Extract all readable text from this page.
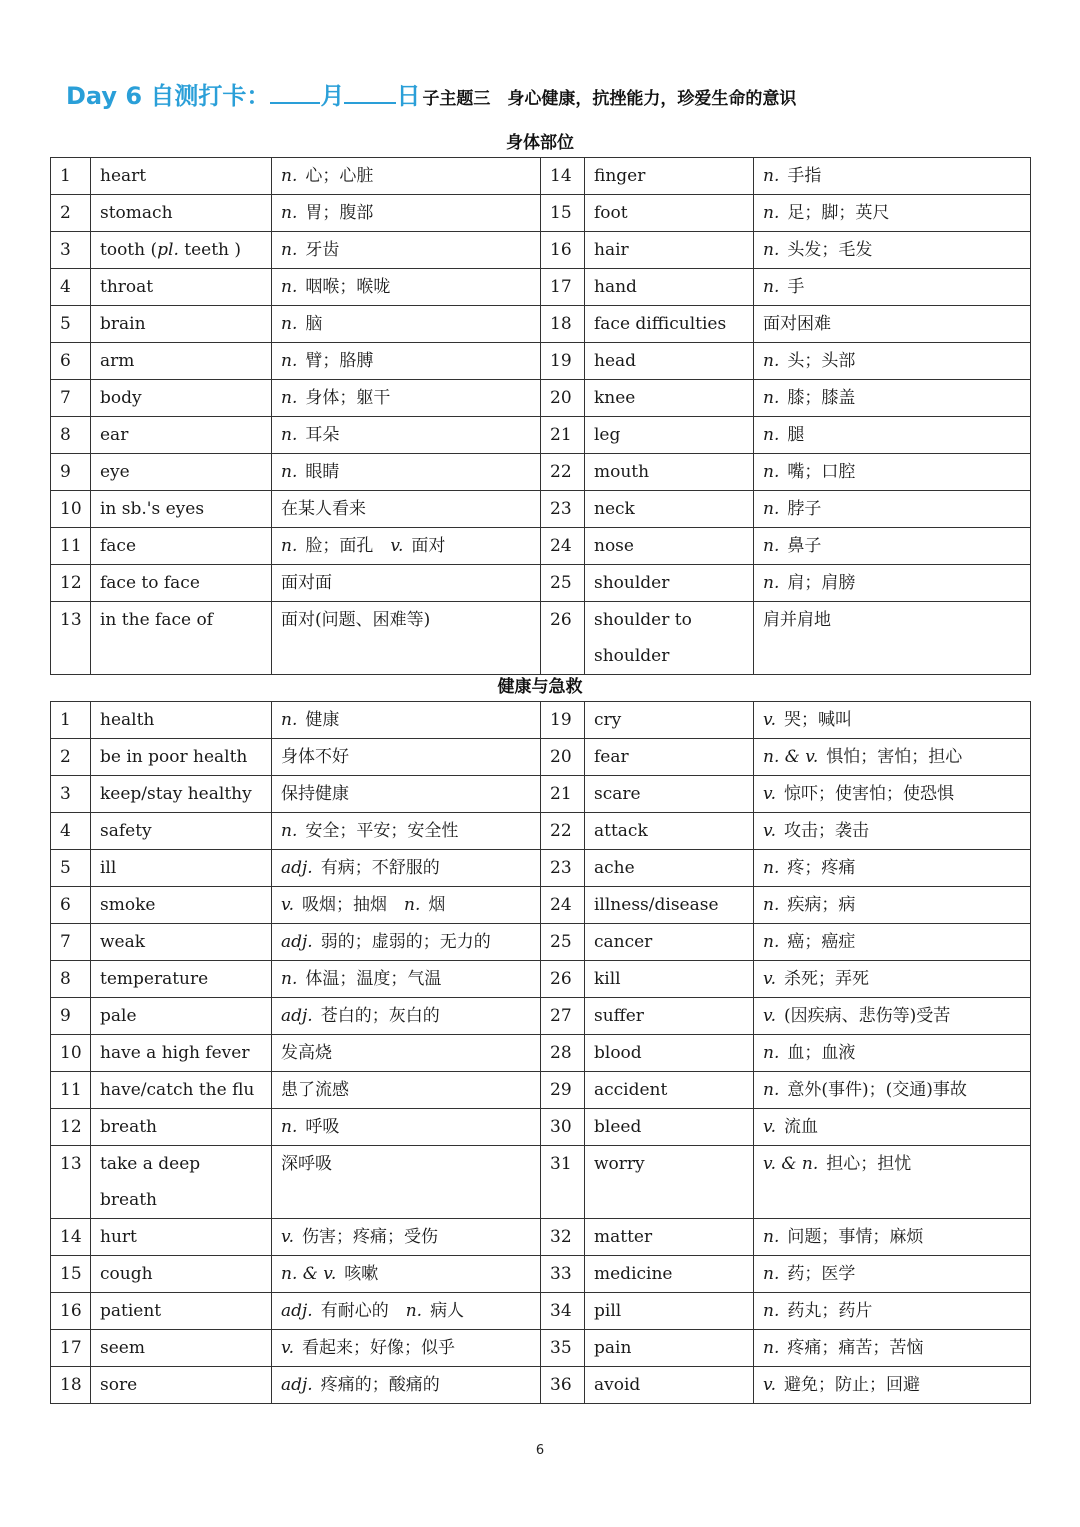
Day 6 自测打卡： 月 日 子主题三　身心健康，抗挫能力，珍爱生命的意识
身体部位
1	heart	n. 心；心脏	14	finger	n. 手指
2	stomach	n. 胃；腹部	15	foot	n. 足；脚；英尺
3	tooth (pl. teeth )	n. 牙齿	16	hair	n. 头发；毛发
4	throat	n. 咽喉；喉咙	17	hand	n. 手
5	brain	n. 脑	18	face difficulties	面对困难
6	arm	n. 臂；胳膊	19	head	n. 头；头部
7	body	n. 身体；躯干	20	knee	n. 膝；膝盖
8	ear	n. 耳朵	21	leg	n. 腿
9	eye	n. 眼睛	22	mouth	n. 嘴；口腔
10	in sb.'s eyes	在某人看来	23	neck	n. 脖子
11	face	n. 脸；面孔　v. 面对	24	nose	n. 鼻子
12	face to face	面对面	25	shoulder	n. 肩；肩膀
13	in the face of	面对(问题、困难等)	26	shoulder to shoulder	肩并肩地
健康与急救
1	health	n. 健康	19	cry	v. 哭；喊叫
2	be in poor health	身体不好	20	fear	n. & v. 惧怕；害怕；担心
3	keep/stay healthy	保持健康	21	scare	v. 惊吓；使害怕；使恐惧
4	safety	n. 安全；平安；安全性	22	attack	v. 攻击；袭击
5	ill	adj. 有病；不舒服的	23	ache	n. 疼；疼痛
6	smoke	v. 吸烟；抽烟　n. 烟	24	illness/disease	n. 疾病；病
7	weak	adj. 弱的；虚弱的；无力的	25	cancer	n. 癌；癌症
8	temperature	n. 体温；温度；气温	26	kill	v. 杀死；弄死
9	pale	adj. 苍白的；灰白的	27	suffer	v. (因疾病、悲伤等)受苦
10	have a high fever	发高烧	28	blood	n. 血；血液
11	have/catch the flu	患了流感	29	accident	n. 意外(事件)；(交通)事故
12	breath	n. 呼吸	30	bleed	v. 流血
13	take a deep breath	深呼吸	31	worry	v. & n. 担心；担忧
14	hurt	v. 伤害；疼痛；受伤	32	matter	n. 问题；事情；麻烦
15	cough	n. & v. 咳嗽	33	medicine	n. 药；医学
16	patient	adj. 有耐心的　n. 病人	34	pill	n. 药丸；药片
17	seem	v. 看起来；好像；似乎	35	pain	n. 疼痛；痛苦；苦恼
18	sore	adj. 疼痛的；酸痛的	36	avoid	v. 避免；防止；回避
6
